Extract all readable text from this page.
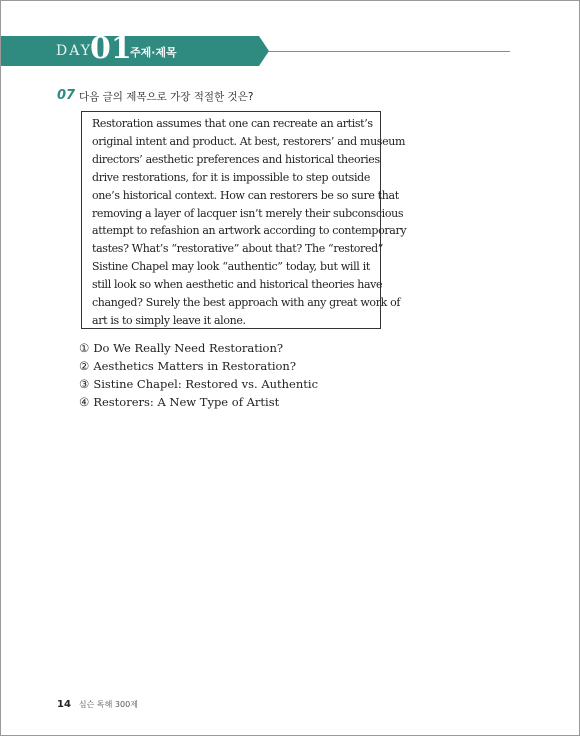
DAY
01
주제·제목
07 다음 글의 제목으로 가장 적절한 것은?
Restoration assumes that one can recreate an artist’s
original intent and product. At best, restorers’ and museum
directors’ aesthetic preferences and historical theories
drive restorations, for it is impossible to step outside
one’s historical context. How can restorers be so sure that
removing a layer of lacquer isn’t merely their subconscious
attempt to refashion an artwork according to contemporary
tastes? What’s “restorative” about that? The “restored”
Sistine Chapel may look “authentic” today, but will it
still look so when aesthetic and historical theories have
changed? Surely the best approach with any great work of
art is to simply leave it alone.
① Do We Really Need Restoration?
② Aesthetics Matters in Restoration?
③ Sistine Chapel: Restored vs. Authentic
④ Restorers: A New Type of Artist
14 심슨 독해 300제
